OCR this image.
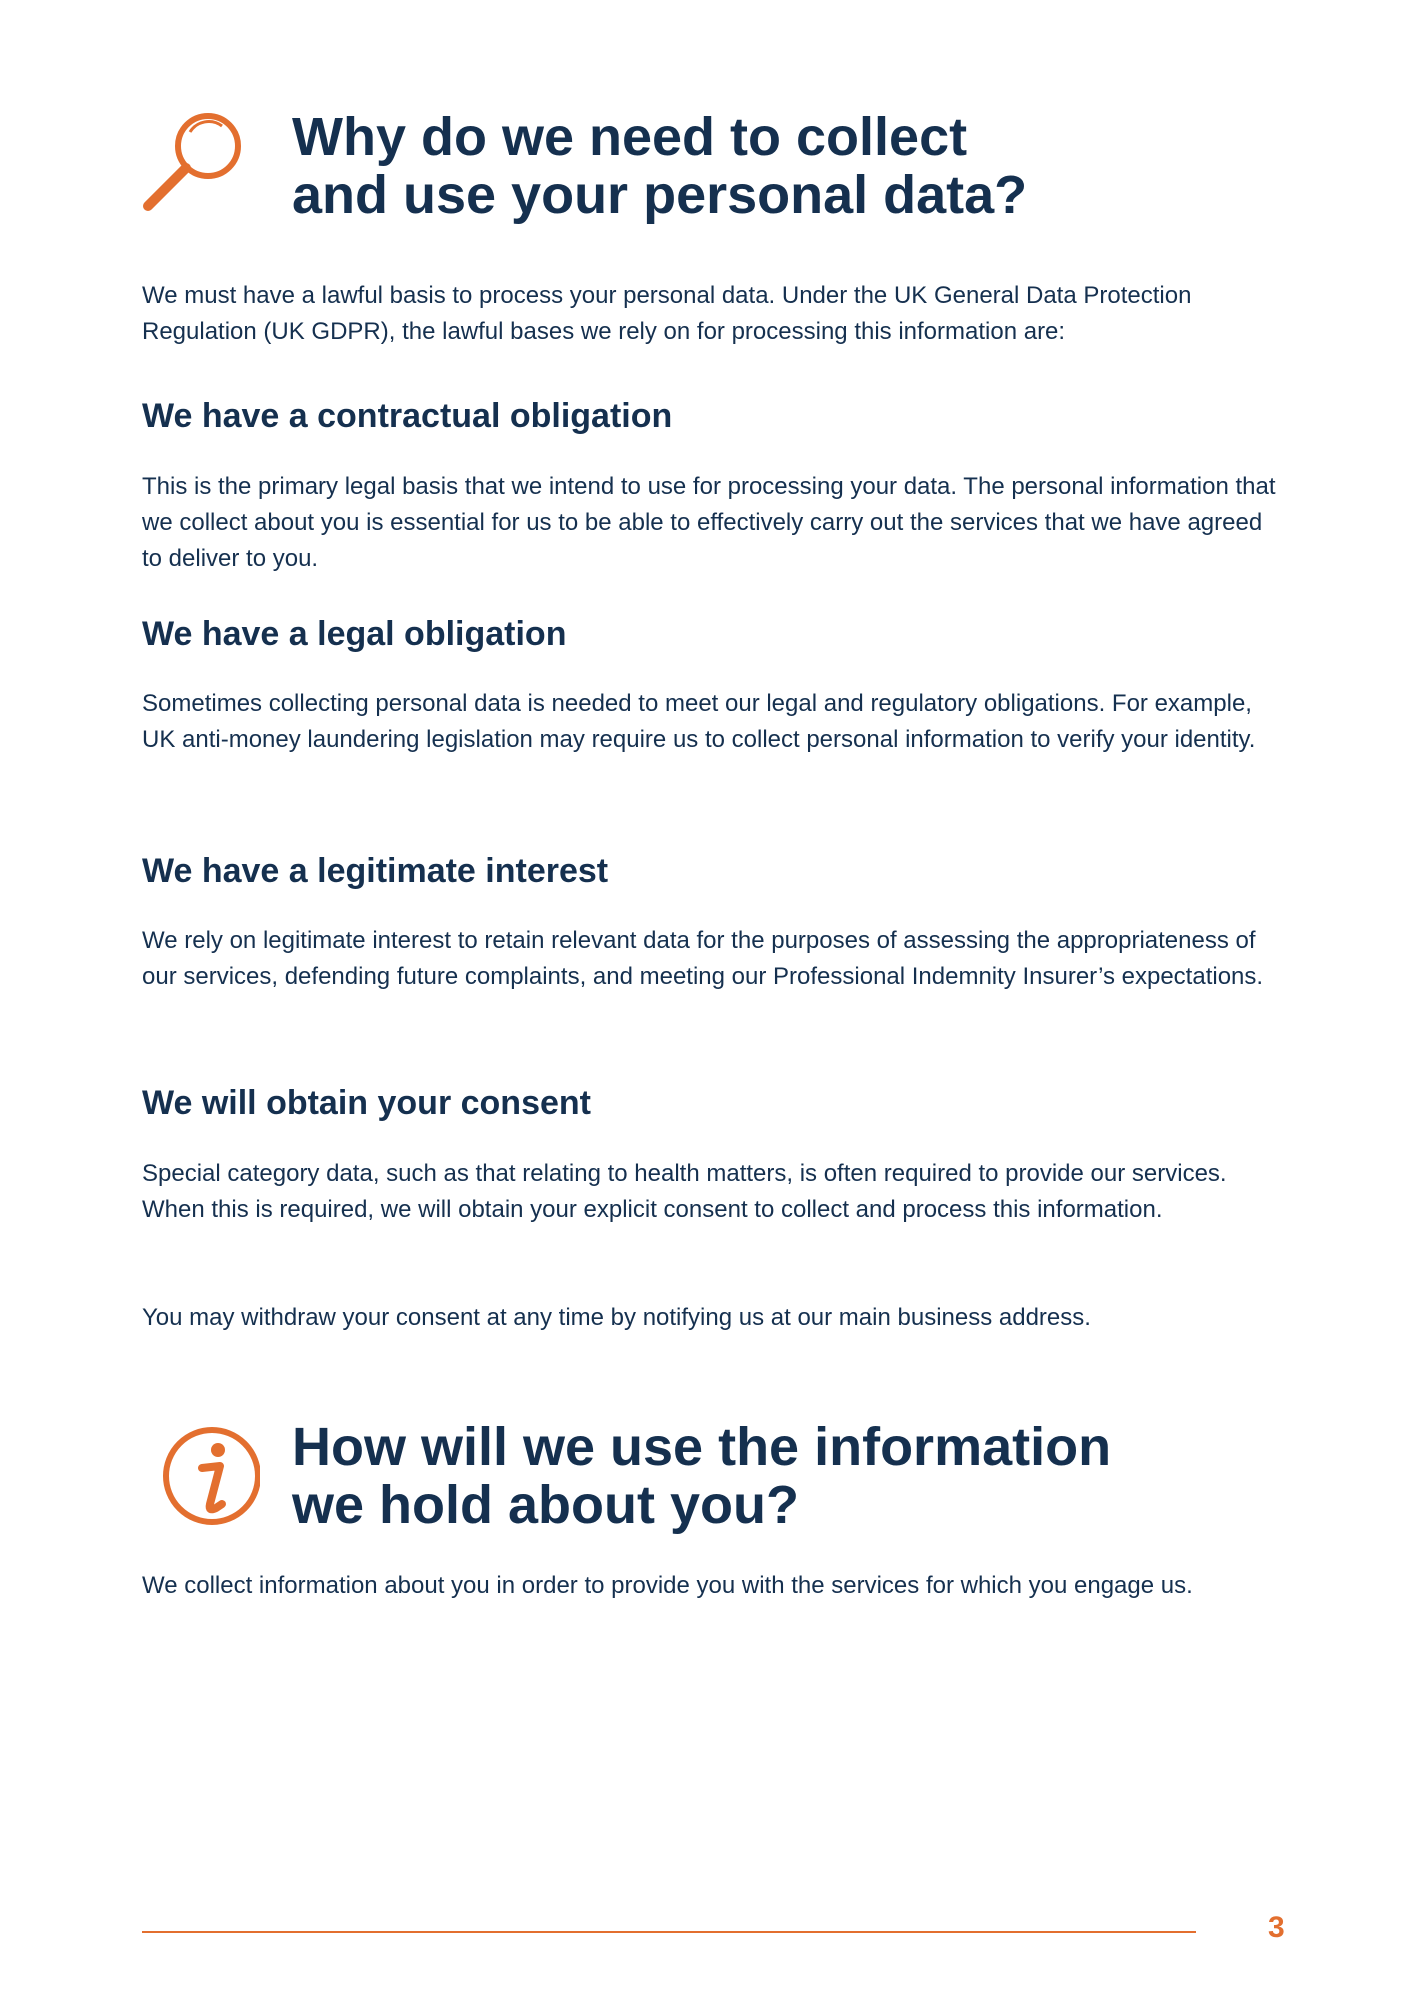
Why do we need to collect
and use your personal data?

We must have a lawful basis to process your personal data. Under the UK General Data Protection Regulation (UK GDPR), the lawful bases we rely on for processing this information are:

We have a contractual obligation

This is the primary legal basis that we intend to use for processing your data. The personal information that we collect about you is essential for us to be able to effectively carry out the services that we have agreed to deliver to you.

We have a legal obligation

Sometimes collecting personal data is needed to meet our legal and regulatory obligations. For example, UK anti-money laundering legislation may require us to collect personal information to verify your identity.

We have a legitimate interest

We rely on legitimate interest to retain relevant data for the purposes of assessing the appropriateness of our services, defending future complaints, and meeting our Professional Indemnity Insurer’s expectations.

We will obtain your consent

Special category data, such as that relating to health matters, is often required to provide our services. When this is required, we will obtain your explicit consent to collect and process this information.

You may withdraw your consent at any time by notifying us at our main business address.

How will we use the information
we hold about you?

We collect information about you in order to provide you with the services for which you engage us.

3
